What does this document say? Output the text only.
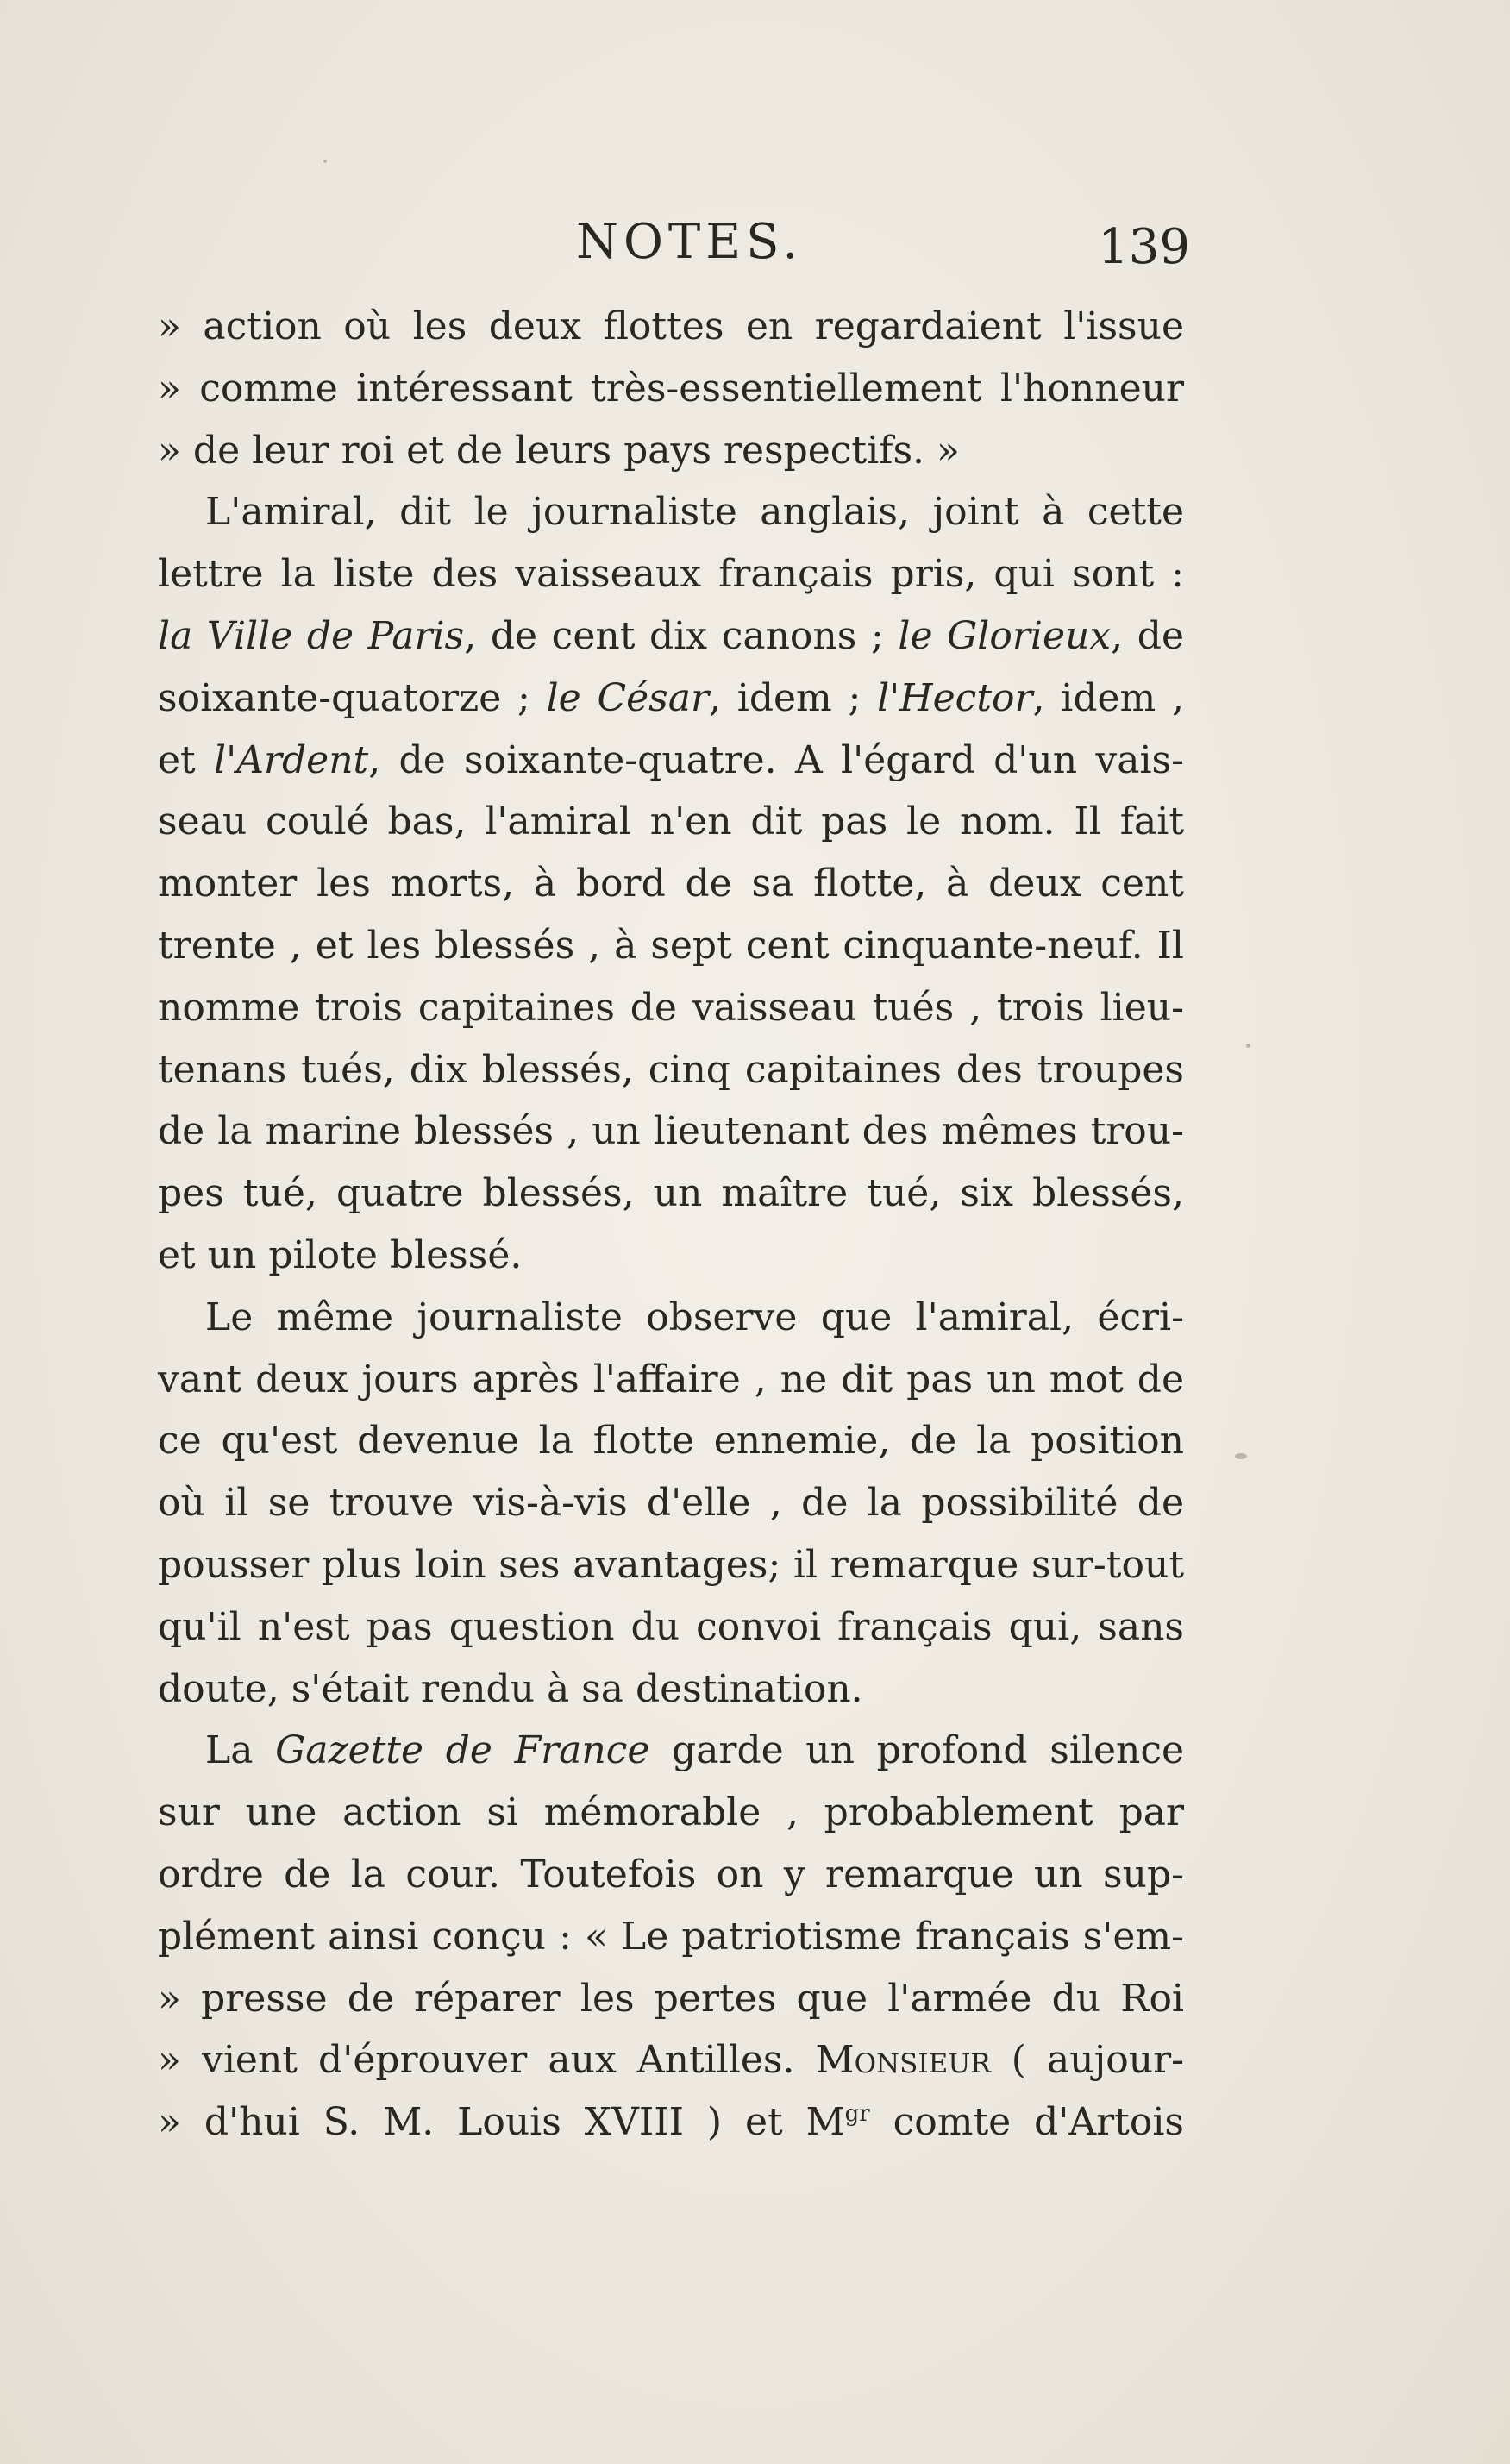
NOTES.	139
» action où les deux flottes en regardaient l'issue
» comme intéressant très-essentiellement l'honneur
» de leur roi et de leurs pays respectifs. »
L'amiral, dit le journaliste anglais, joint à cette
lettre la liste des vaisseaux français pris, qui sont :
la Ville de Paris, de cent dix canons ; le Glorieux, de
soixante-quatorze ; le César, idem ; l'Hector, idem ,
et l'Ardent, de soixante-quatre. A l'égard d'un vais-
seau coulé bas, l'amiral n'en dit pas le nom. Il fait
monter les morts, à bord de sa flotte, à deux cent
trente , et les blessés , à sept cent cinquante-neuf. Il
nomme trois capitaines de vaisseau tués , trois lieu-
tenans tués, dix blessés, cinq capitaines des troupes
de la marine blessés , un lieutenant des mêmes trou-
pes tué, quatre blessés, un maître tué, six blessés,
et un pilote blessé.
Le même journaliste observe que l'amiral, écri-
vant deux jours après l'affaire , ne dit pas un mot de
ce qu'est devenue la flotte ennemie, de la position
où il se trouve vis-à-vis d'elle , de la possibilité de
pousser plus loin ses avantages; il remarque sur-tout
qu'il n'est pas question du convoi français qui, sans
doute, s'était rendu à sa destination.
La Gazette de France garde un profond silence
sur une action si mémorable , probablement par
ordre de la cour. Toutefois on y remarque un sup-
plément ainsi conçu : « Le patriotisme français s'em-
» presse de réparer les pertes que l'armée du Roi
» vient d'éprouver aux Antilles. Monsieur ( aujour-
» d'hui S. M. Louis XVIII ) et $M^{gr}$ comte d'Artois
